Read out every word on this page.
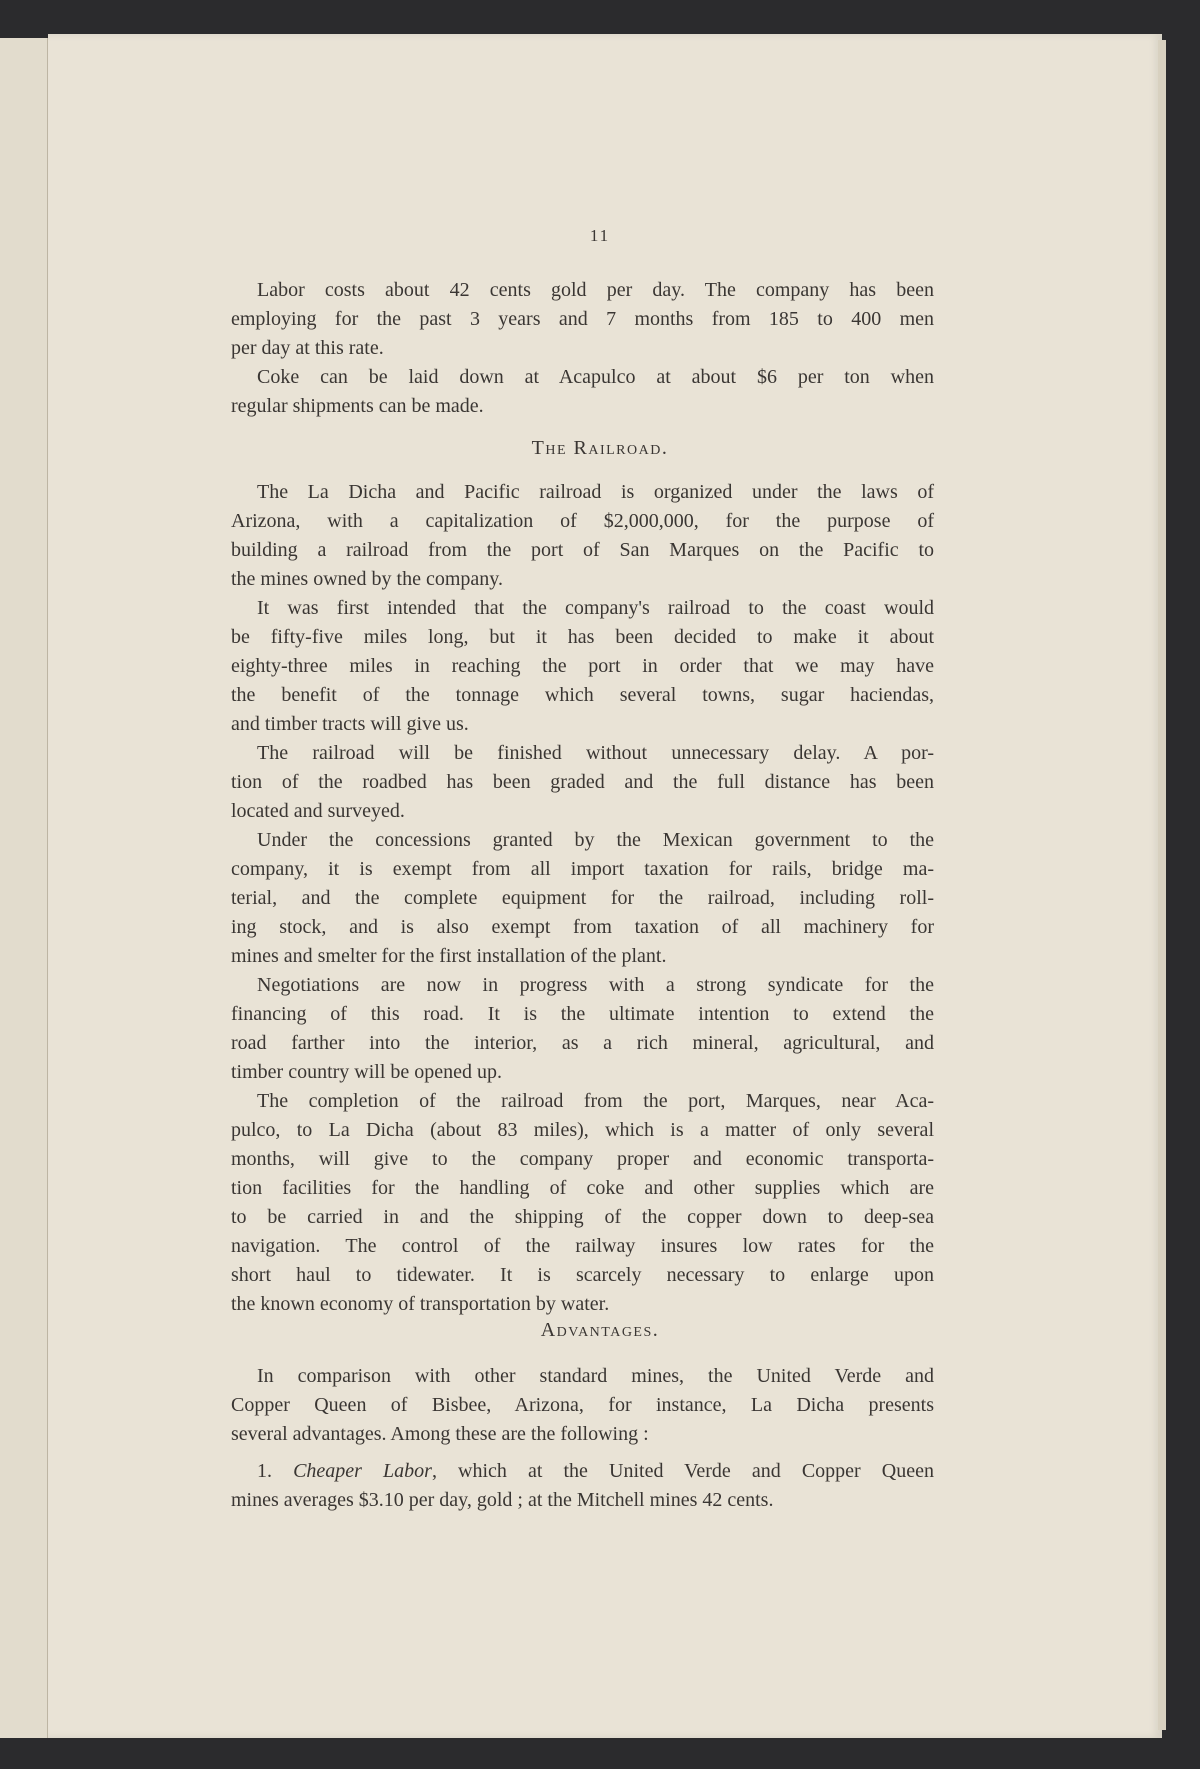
11
Labor costs about 42 cents gold per day. The company has been
employing for the past 3 years and 7 months from 185 to 400 men
per day at this rate.
Coke can be laid down at Acapulco at about $6 per ton when
regular shipments can be made.
The Railroad.
The La Dicha and Pacific railroad is organized under the laws of
Arizona, with a capitalization of $2,000,000, for the purpose of
building a railroad from the port of San Marques on the Pacific to
the mines owned by the company.
It was first intended that the company's railroad to the coast would
be fifty-five miles long, but it has been decided to make it about
eighty-three miles in reaching the port in order that we may have
the benefit of the tonnage which several towns, sugar haciendas,
and timber tracts will give us.
The railroad will be finished without unnecessary delay. A por-
tion of the roadbed has been graded and the full distance has been
located and surveyed.
Under the concessions granted by the Mexican government to the
company, it is exempt from all import taxation for rails, bridge ma-
terial, and the complete equipment for the railroad, including roll-
ing stock, and is also exempt from taxation of all machinery for
mines and smelter for the first installation of the plant.
Negotiations are now in progress with a strong syndicate for the
financing of this road. It is the ultimate intention to extend the
road farther into the interior, as a rich mineral, agricultural, and
timber country will be opened up.
The completion of the railroad from the port, Marques, near Aca-
pulco, to La Dicha (about 83 miles), which is a matter of only several
months, will give to the company proper and economic transporta-
tion facilities for the handling of coke and other supplies which are
to be carried in and the shipping of the copper down to deep-sea
navigation. The control of the railway insures low rates for the
short haul to tidewater. It is scarcely necessary to enlarge upon
the known economy of transportation by water.
Advantages.
In comparison with other standard mines, the United Verde and
Copper Queen of Bisbee, Arizona, for instance, La Dicha presents
several advantages. Among these are the following :
1. Cheaper Labor, which at the United Verde and Copper Queen
mines averages $3.10 per day, gold ; at the Mitchell mines 42 cents.
